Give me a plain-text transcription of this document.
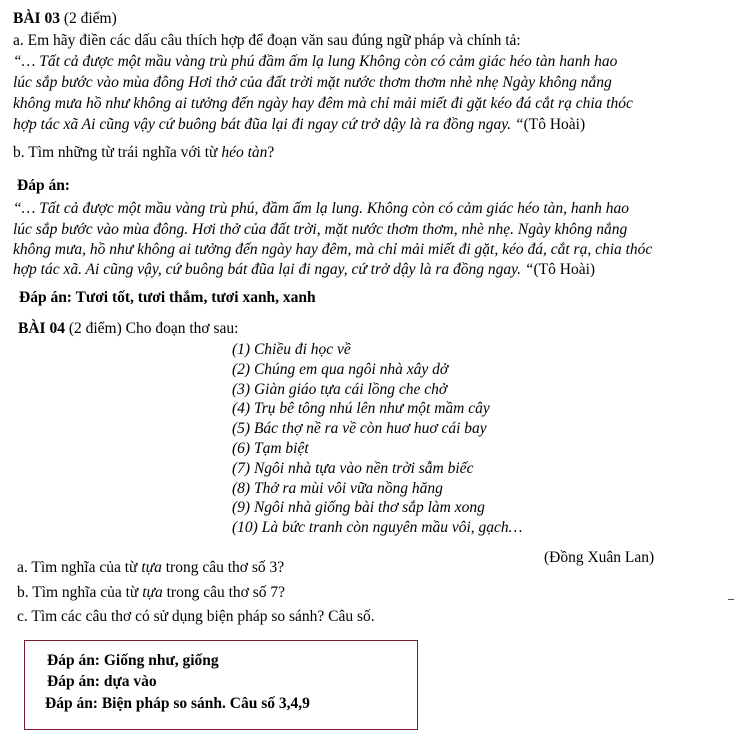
BÀI 03 (2 điểm)
a. Em hãy điền các dấu câu thích hợp để đoạn văn sau đúng ngữ pháp và chính tả:
“… Tất cả được một mầu vàng trù phú đầm ấm lạ lung Không còn có cảm giác héo tàn hanh hao
lúc sắp bước vào mùa đông Hơi thở của đất trời mặt nước thơm thơm nhè nhẹ Ngày không nắng
không mưa hồ như không ai tưởng đến ngày hay đêm mà chỉ mải miết đi gặt kéo đá cắt rạ chia thóc
hợp tác xã Ai cũng vậy cứ buông bát đũa lại đi ngay cứ trở dậy là ra đồng ngay. “(Tô Hoài)
b. Tìm những từ trái nghĩa với từ héo tàn?
Đáp án:
“… Tất cả được một mầu vàng trù phú, đầm ấm lạ lung. Không còn có cảm giác héo tàn, hanh hao
lúc sắp bước vào mùa đông. Hơi thở của đất trời, mặt nước thơm thơm, nhè nhẹ. Ngày không nắng
không mưa, hồ như không ai tưởng đến ngày hay đêm, mà chỉ mải miết đi gặt, kéo đá, cắt rạ, chia thóc
hợp tác xã. Ai cũng vậy, cứ buông bát đũa lại đi ngay, cứ trở dậy là ra đồng ngay. “(Tô Hoài)
Đáp án: Tươi tốt, tươi thắm, tươi xanh, xanh
BÀI 04 (2 điểm) Cho đoạn thơ sau:
(1) Chiều đi học về
(2) Chúng em qua ngôi nhà xây dở
(3) Giàn giáo tựa cái lồng che chở
(4) Trụ bê tông nhú lên như một mầm cây
(5) Bác thợ nề ra về còn huơ huơ cái bay
(6) Tạm biệt
(7) Ngôi nhà tựa vào nền trời sẫm biếc
(8) Thở ra mùi vôi vữa nồng hăng
(9) Ngôi nhà giống bài thơ sắp làm xong
(10) Là bức tranh còn nguyên mầu vôi, gạch…
(Đồng Xuân Lan)
a. Tìm nghĩa của từ tựa trong câu thơ số 3?
b. Tìm nghĩa của từ tựa trong câu thơ số 7?
c. Tìm các câu thơ có sử dụng biện pháp so sánh? Câu số.
Đáp án: Giống như, giống
Đáp án: dựa vào
Đáp án: Biện pháp so sánh. Câu số 3,4,9
